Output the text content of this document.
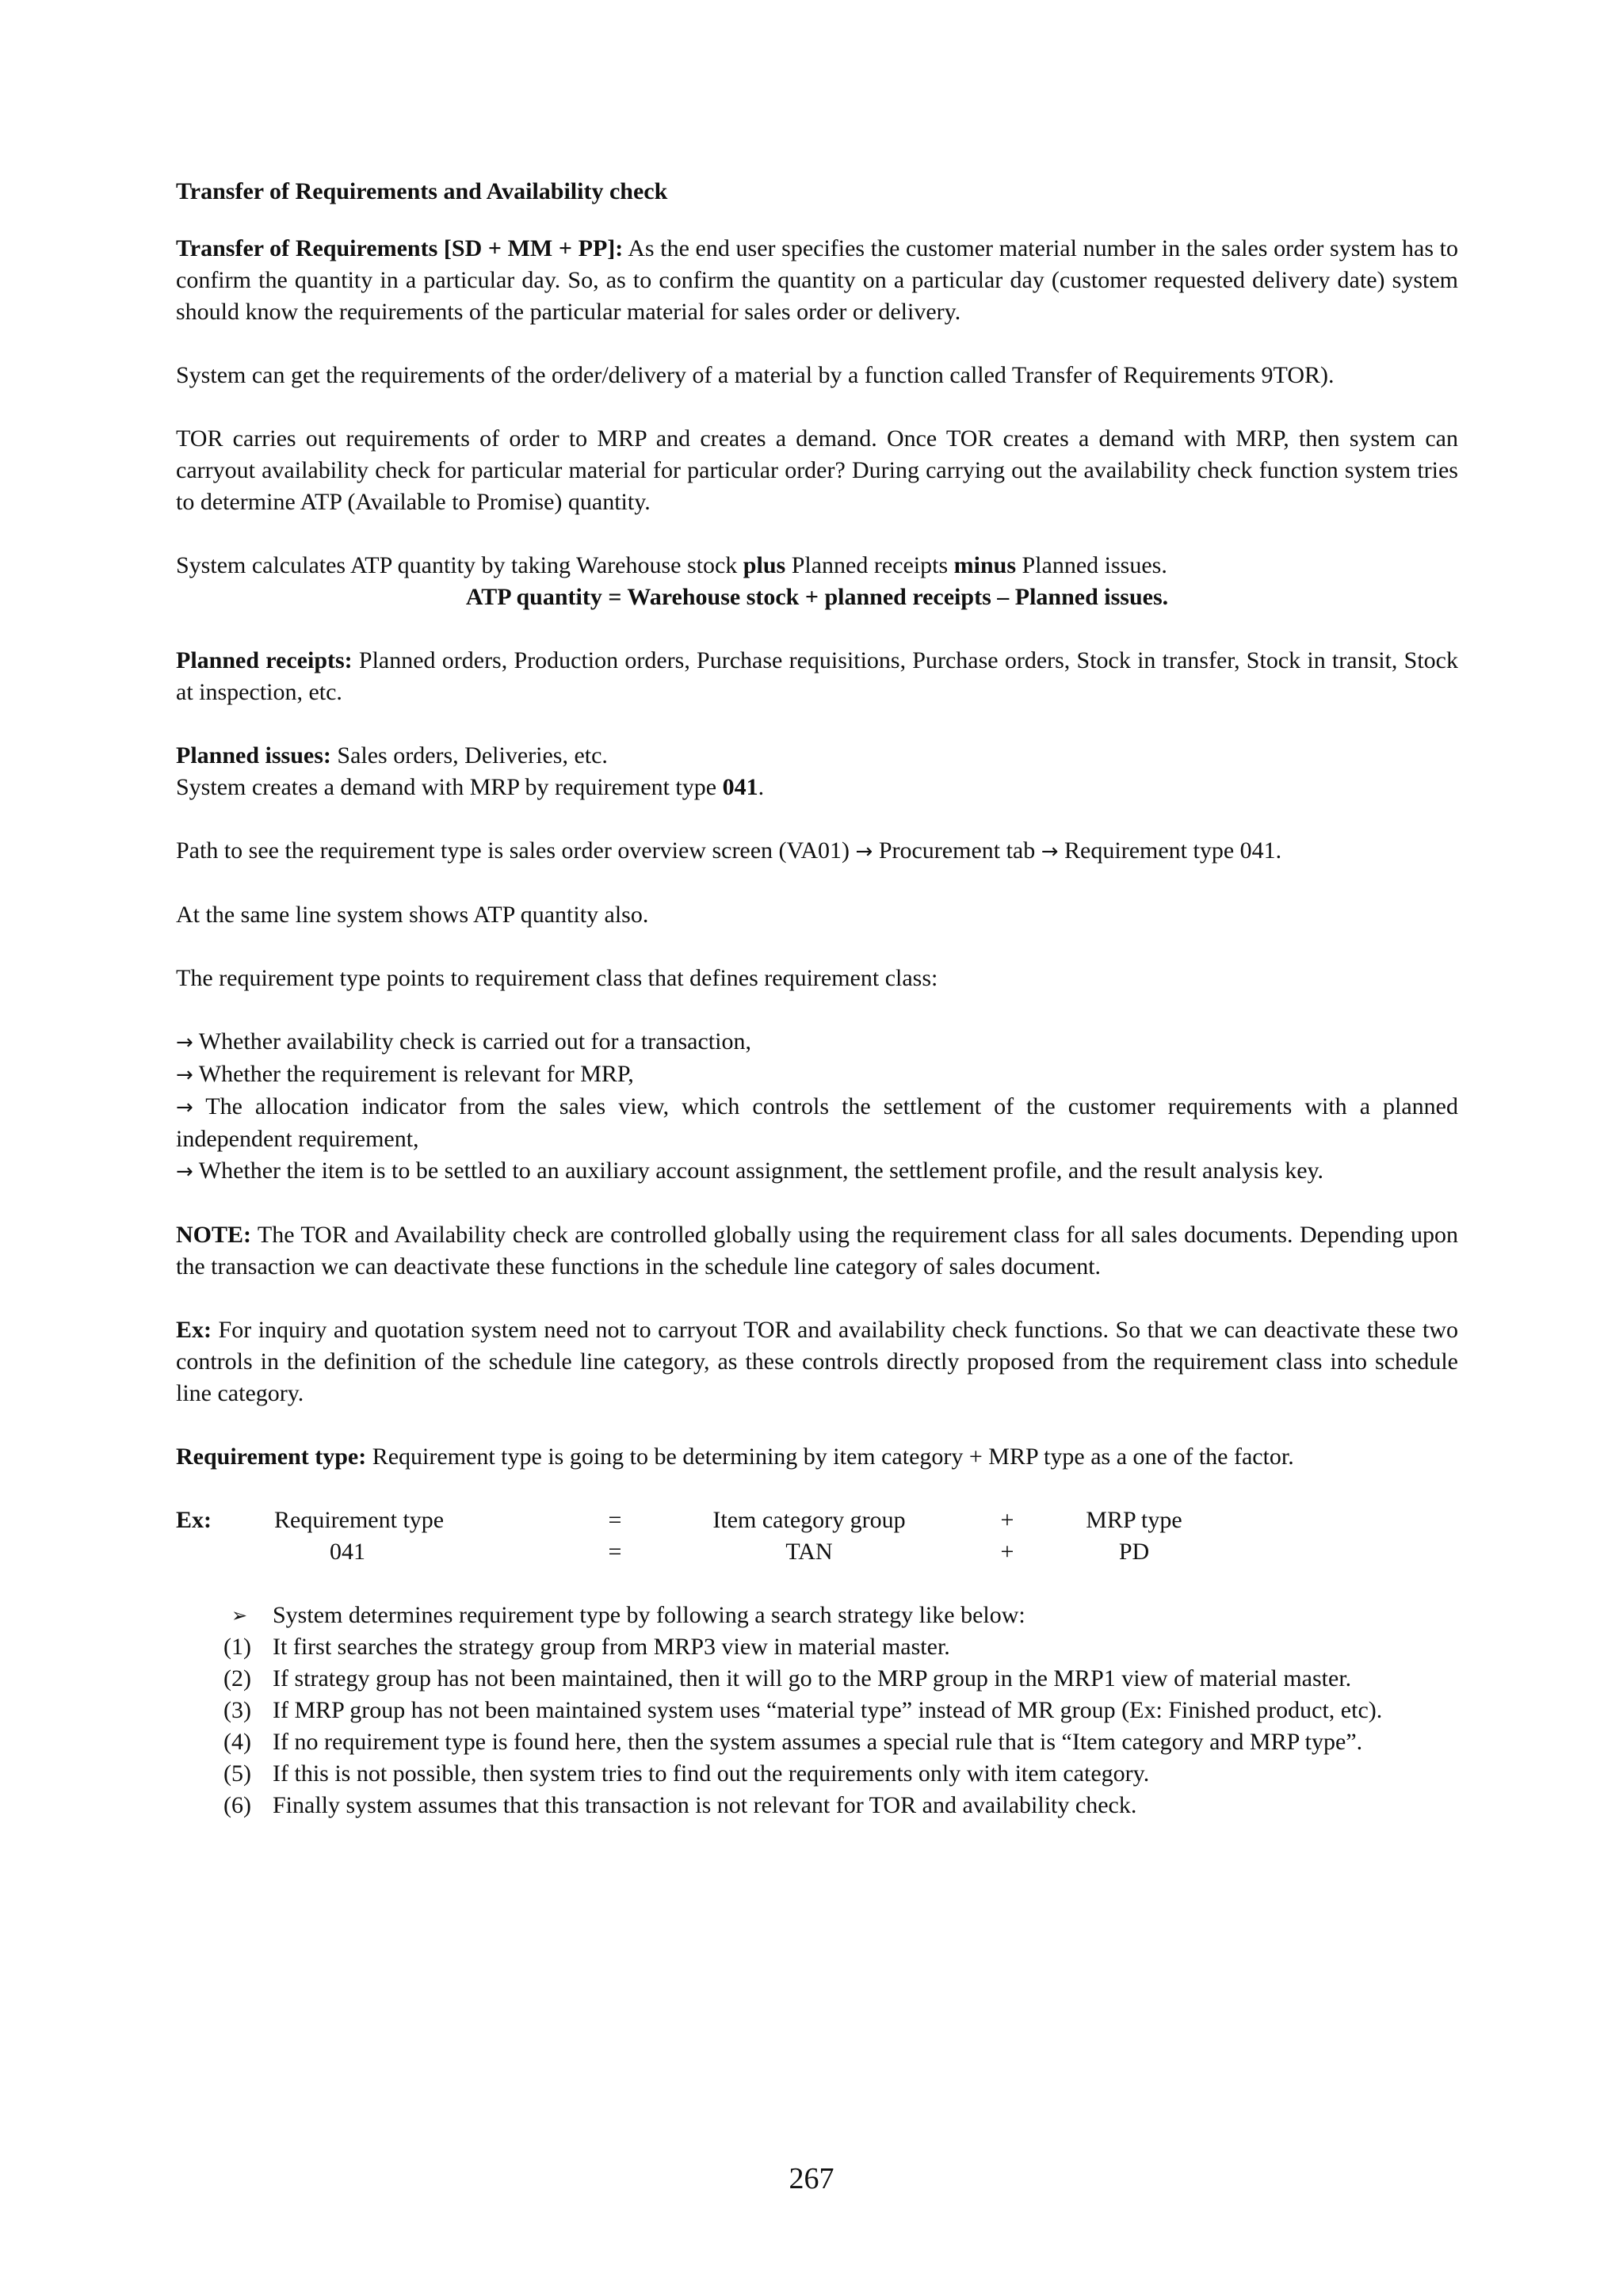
Transfer of Requirements and Availability check

Transfer of Requirements [SD + MM + PP]: As the end user specifies the customer material number in the sales order system has to confirm the quantity in a particular day. So, as to confirm the quantity on a particular day (customer requested delivery date) system should know the requirements of the particular material for sales order or delivery.

System can get the requirements of the order/delivery of a material by a function called Transfer of Requirements 9TOR).

TOR carries out requirements of order to MRP and creates a demand. Once TOR creates a demand with MRP, then system can carryout availability check for particular material for particular order? During carrying out the availability check function system tries to determine ATP (Available to Promise) quantity.

System calculates ATP quantity by taking Warehouse stock plus Planned receipts minus Planned issues.

ATP quantity = Warehouse stock + planned receipts – Planned issues.

Planned receipts: Planned orders, Production orders, Purchase requisitions, Purchase orders, Stock in transfer, Stock in transit, Stock at inspection, etc.

Planned issues: Sales orders, Deliveries, etc.

System creates a demand with MRP by requirement type 041.

Path to see the requirement type is sales order overview screen (VA01) → Procurement tab → Requirement type 041.

At the same line system shows ATP quantity also.

The requirement type points to requirement class that defines requirement class:

→ Whether availability check is carried out for a transaction,
→ Whether the requirement is relevant for MRP,
→ The allocation indicator from the sales view, which controls the settlement of the customer requirements with a planned independent requirement,
→ Whether the item is to be settled to an auxiliary account assignment, the settlement profile, and the result analysis key.

NOTE: The TOR and Availability check are controlled globally using the requirement class for all sales documents. Depending upon the transaction we can deactivate these functions in the schedule line category of sales document.

Ex: For inquiry and quotation system need not to carryout TOR and availability check functions. So that we can deactivate these two controls in the definition of the schedule line category, as these controls directly proposed from the requirement class into schedule line category.

Requirement type: Requirement type is going to be determining by item category + MRP type as a one of the factor.

Ex:	Requirement type	=	Item category group	+	MRP type
041	=	TAN	+	PD
➢	System determines requirement type by following a search strategy like below:
(1) It first searches the strategy group from MRP3 view in material master.
(2) If strategy group has not been maintained, then it will go to the MRP group in the MRP1 view of material master.
(3) If MRP group has not been maintained system uses “material type” instead of MR group (Ex: Finished product, etc).
(4) If no requirement type is found here, then the system assumes a special rule that is “Item category and MRP type”.
(5) If this is not possible, then system tries to find out the requirements only with item category.
(6) Finally system assumes that this transaction is not relevant for TOR and availability check.
267
